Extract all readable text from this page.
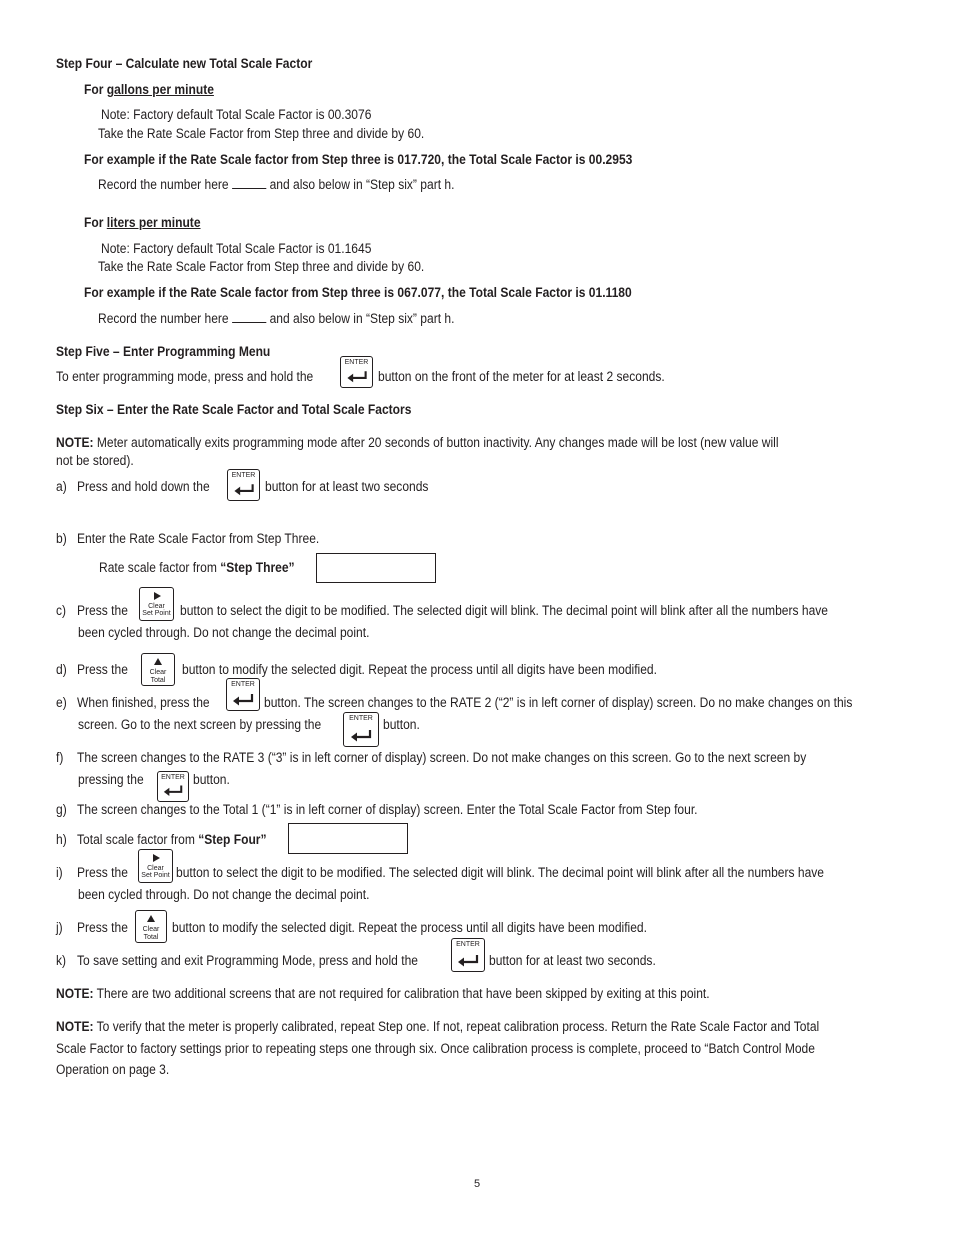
Step Four – Calculate new Total Scale Factor
For gallons per minute
Note: Factory default Total Scale Factor is 00.3076
Take the Rate Scale Factor from Step three and divide by 60.
For example if the Rate Scale factor from Step three is 017.720, the Total Scale Factor is 00.2953
Record the number here	and also below in “Step six” part h.
For liters per minute
Note: Factory default Total Scale Factor is 01.1645
Take the Rate Scale Factor from Step three and divide by 60.
For example if the Rate Scale factor from Step three is 067.077, the Total Scale Factor is 01.1180
Record the number here	and also below in “Step six” part h.
Step Five – Enter Programming Menu
To enter programming mode, press and hold the	button on the front of the meter for at least 2 seconds.
Step Six – Enter the Rate Scale Factor and Total Scale Factors
NOTE: Meter automatically exits programming mode after 20 seconds of button inactivity. Any changes made will be lost (new value will
not be stored).
a) Press and hold down the	button for at least two seconds
b) Enter the Rate Scale Factor from Step Three.
Rate scale factor from “Step Three”
c) Press the	button to select the digit to be modified. The selected digit will blink. The decimal point will blink after all the numbers have
been cycled through. Do not change the decimal point.
d) Press the	button to modify the selected digit. Repeat the process until all digits have been modified.
e) When finished, press the	button. The screen changes to the RATE 2 (“2” is in left corner of display) screen. Do no make changes on this
screen. Go to the next screen by pressing the	button.
f) The screen changes to the RATE 3 (“3” is in left corner of display) screen. Do not make changes on this screen. Go to the next screen by
pressing the	button.
g) The screen changes to the Total 1 (“1” is in left corner of display) screen. Enter the Total Scale Factor from Step four.
h) Total scale factor from “Step Four”
i) Press the	button to select the digit to be modified. The selected digit will blink. The decimal point will blink after all the numbers have
been cycled through. Do not change the decimal point.
j) Press the	button to modify the selected digit. Repeat the process until all digits have been modified.
k) To save setting and exit Programming Mode, press and hold the	button for at least two seconds.
NOTE: There are two additional screens that are not required for calibration that have been skipped by exiting at this point.
NOTE: To verify that the meter is properly calibrated, repeat Step one. If not, repeat calibration process. Return the Rate Scale Factor and Total
Scale Factor to factory settings prior to repeating steps one through six. Once calibration process is complete, proceed to “Batch Control Mode
Operation on page 3.
5
ENTER
ENTER
ENTER
ENTER
ENTER
ENTER
Clear
Set Point
Clear
Set Point
Clear
Total
Clear
Total
